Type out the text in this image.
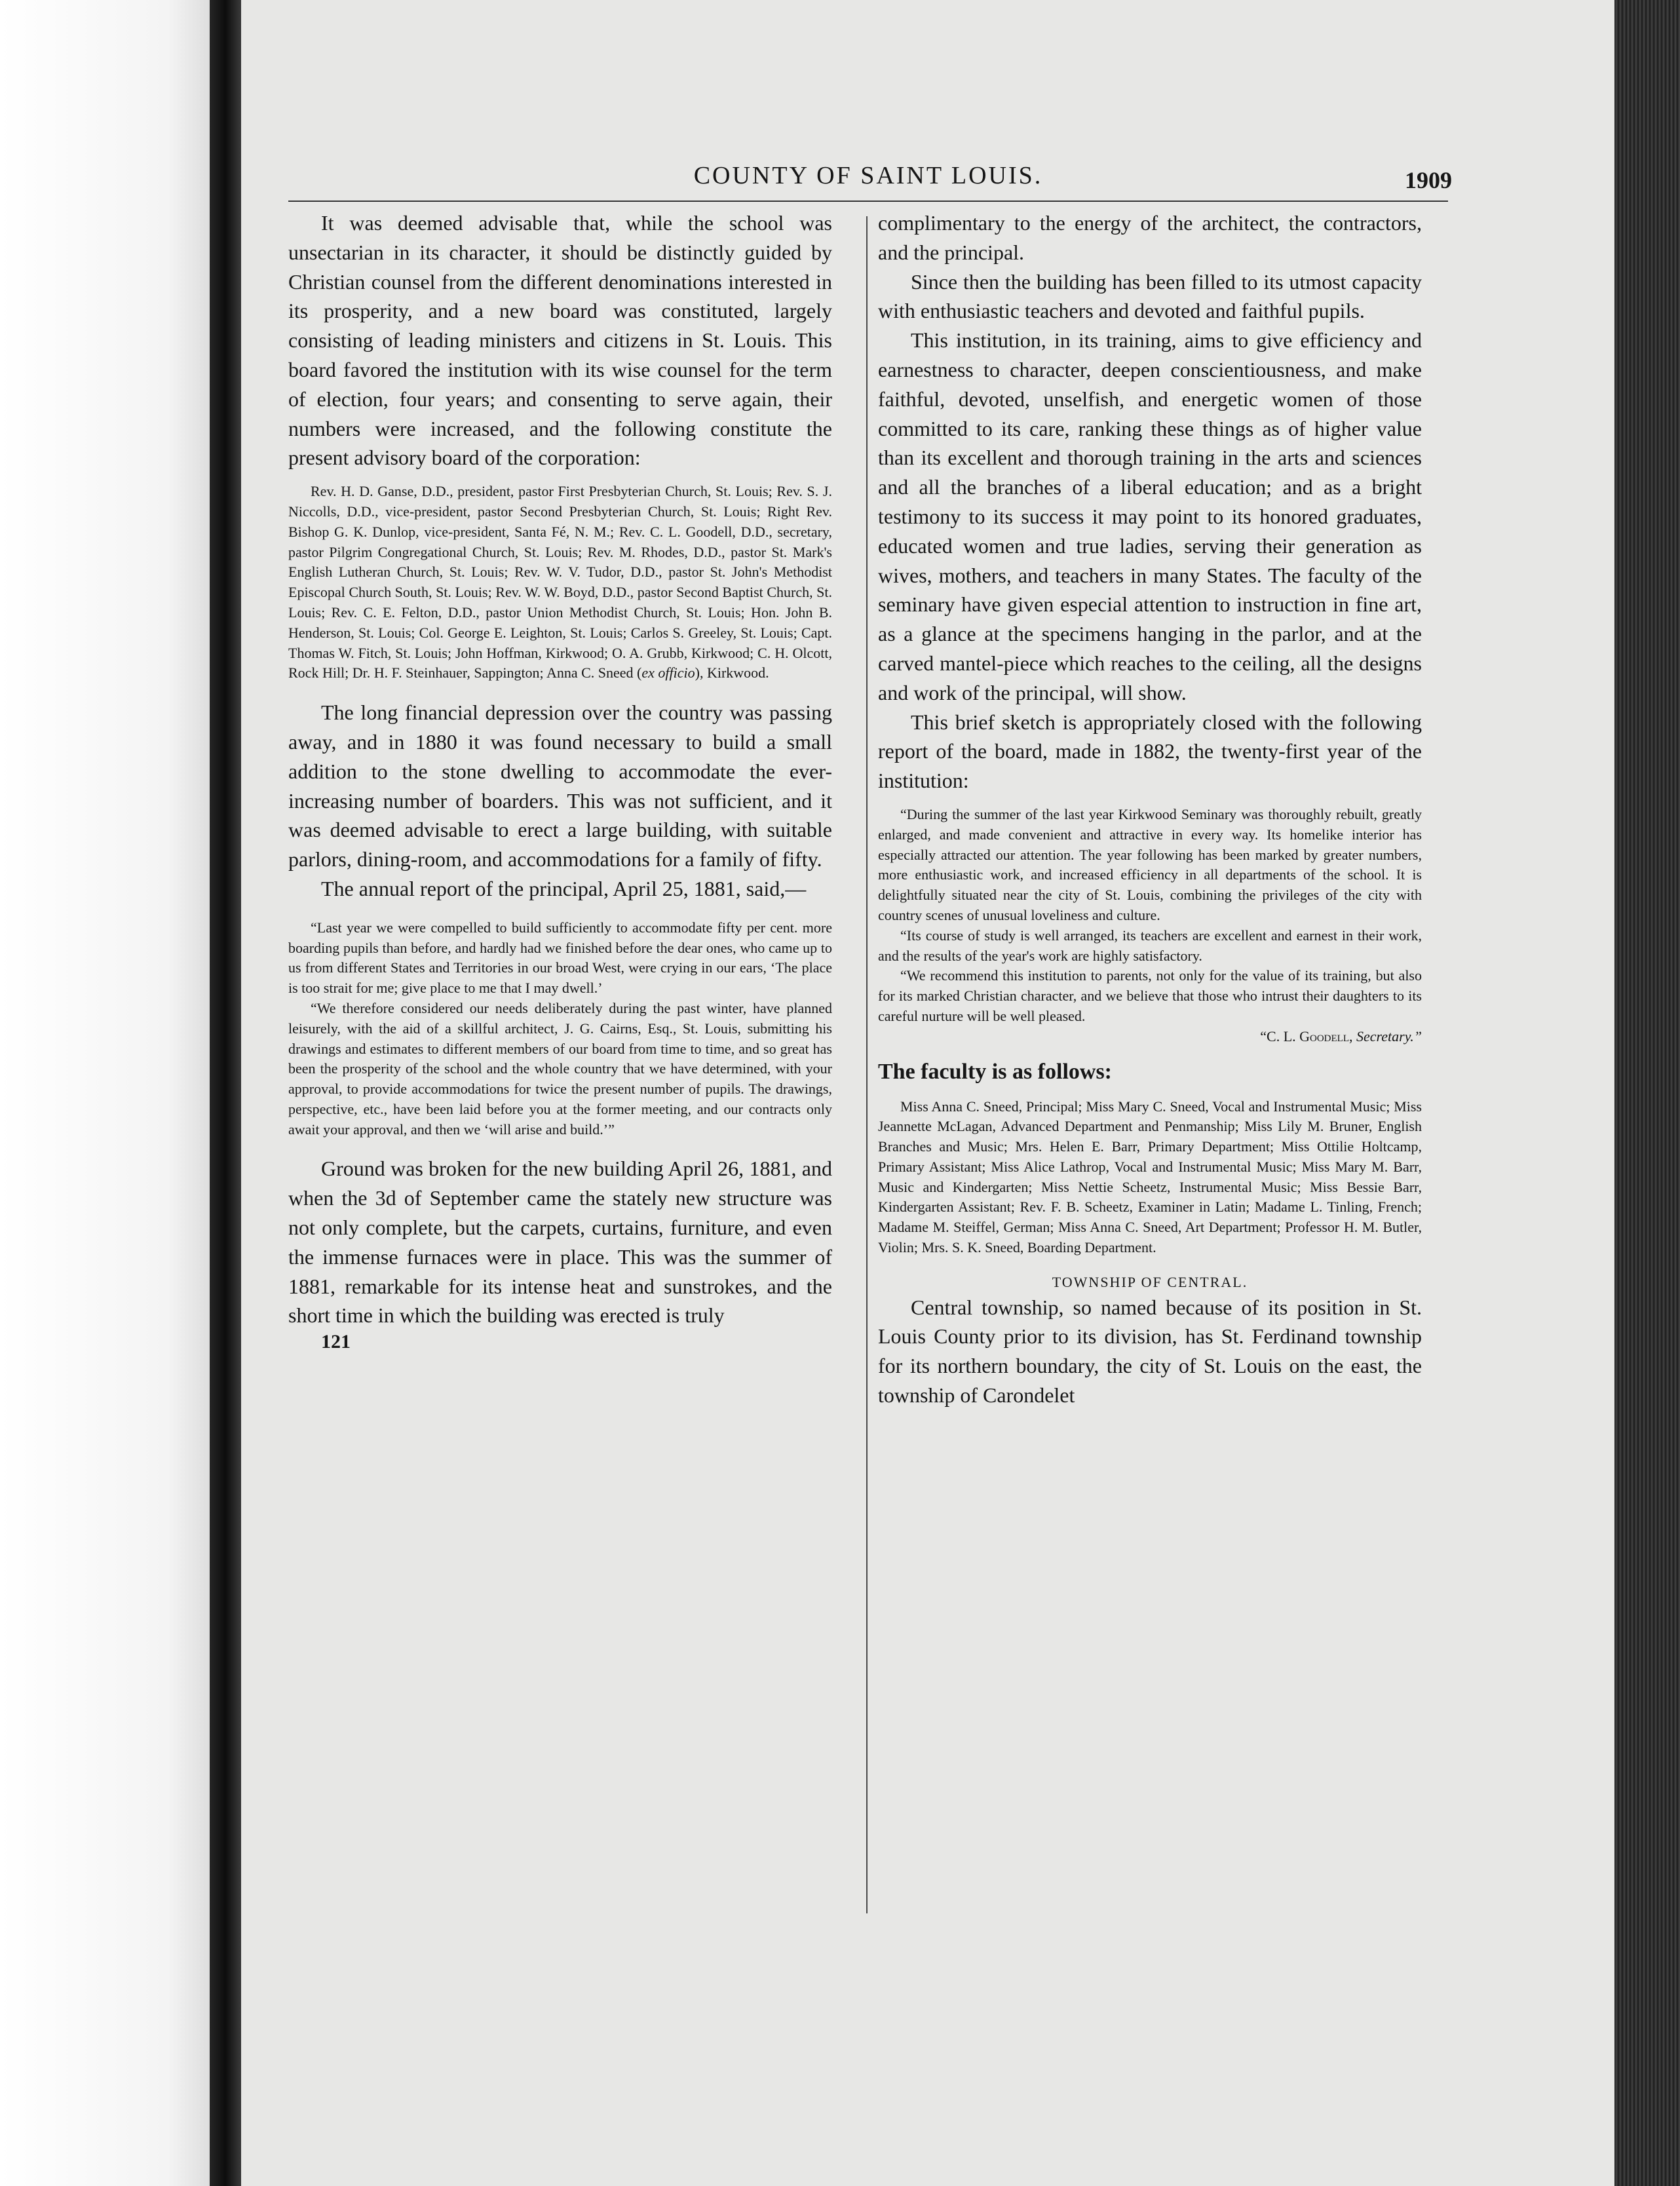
COUNTY OF SAINT LOUIS.	1909

It was deemed advisable that, while the school was unsectarian in its character, it should be distinctly guided by Christian counsel from the different denominations interested in its prosperity, and a new board was constituted, largely consisting of leading ministers and citizens in St. Louis. This board favored the institution with its wise counsel for the term of election, four years; and consenting to serve again, their numbers were increased, and the following constitute the present advisory board of the corporation:

Rev. H. D. Ganse, D.D., president, pastor First Presbyterian Church, St. Louis; Rev. S. J. Niccolls, D.D., vice-president, pastor Second Presbyterian Church, St. Louis; Right Rev. Bishop G. K. Dunlop, vice-president, Santa Fé, N. M.; Rev. C. L. Goodell, D.D., secretary, pastor Pilgrim Congregational Church, St. Louis; Rev. M. Rhodes, D.D., pastor St. Mark's English Lutheran Church, St. Louis; Rev. W. V. Tudor, D.D., pastor St. John's Methodist Episcopal Church South, St. Louis; Rev. W. W. Boyd, D.D., pastor Second Baptist Church, St. Louis; Rev. C. E. Felton, D.D., pastor Union Methodist Church, St. Louis; Hon. John B. Henderson, St. Louis; Col. George E. Leighton, St. Louis; Carlos S. Greeley, St. Louis; Capt. Thomas W. Fitch, St. Louis; John Hoffman, Kirkwood; O. A. Grubb, Kirkwood; C. H. Olcott, Rock Hill; Dr. H. F. Steinhauer, Sappington; Anna C. Sneed (ex officio), Kirkwood.

The long financial depression over the country was passing away, and in 1880 it was found necessary to build a small addition to the stone dwelling to accommodate the ever-increasing number of boarders. This was not sufficient, and it was deemed advisable to erect a large building, with suitable parlors, dining-room, and accommodations for a family of fifty.

The annual report of the principal, April 25, 1881, said,—

“Last year we were compelled to build sufficiently to accommodate fifty per cent. more boarding pupils than before, and hardly had we finished before the dear ones, who came up to us from different States and Territories in our broad West, were crying in our ears, ‘The place is too strait for me; give place to me that I may dwell.’

“We therefore considered our needs deliberately during the past winter, have planned leisurely, with the aid of a skillful architect, J. G. Cairns, Esq., St. Louis, submitting his drawings and estimates to different members of our board from time to time, and so great has been the prosperity of the school and the whole country that we have determined, with your approval, to provide accommodations for twice the present number of pupils. The drawings, perspective, etc., have been laid before you at the former meeting, and our contracts only await your approval, and then we ‘will arise and build.’”

Ground was broken for the new building April 26, 1881, and when the 3d of September came the stately new structure was not only complete, but the carpets, curtains, furniture, and even the immense furnaces were in place. This was the summer of 1881, remarkable for its intense heat and sunstrokes, and the short time in which the building was erected is truly

121

complimentary to the energy of the architect, the contractors, and the principal.

Since then the building has been filled to its utmost capacity with enthusiastic teachers and devoted and faithful pupils.

This institution, in its training, aims to give efficiency and earnestness to character, deepen conscientiousness, and make faithful, devoted, unselfish, and energetic women of those committed to its care, ranking these things as of higher value than its excellent and thorough training in the arts and sciences and all the branches of a liberal education; and as a bright testimony to its success it may point to its honored graduates, educated women and true ladies, serving their generation as wives, mothers, and teachers in many States. The faculty of the seminary have given especial attention to instruction in fine art, as a glance at the specimens hanging in the parlor, and at the carved mantel-piece which reaches to the ceiling, all the designs and work of the principal, will show.

This brief sketch is appropriately closed with the following report of the board, made in 1882, the twenty-first year of the institution:

“During the summer of the last year Kirkwood Seminary was thoroughly rebuilt, greatly enlarged, and made convenient and attractive in every way. Its homelike interior has especially attracted our attention. The year following has been marked by greater numbers, more enthusiastic work, and increased efficiency in all departments of the school. It is delightfully situated near the city of St. Louis, combining the privileges of the city with country scenes of unusual loveliness and culture.

“Its course of study is well arranged, its teachers are excellent and earnest in their work, and the results of the year's work are highly satisfactory.

“We recommend this institution to parents, not only for the value of its training, but also for its marked Christian character, and we believe that those who intrust their daughters to its careful nurture will be well pleased.

“C. L. Goodell, Secretary.”

The faculty is as follows:

Miss Anna C. Sneed, Principal; Miss Mary C. Sneed, Vocal and Instrumental Music; Miss Jeannette McLagan, Advanced Department and Penmanship; Miss Lily M. Bruner, English Branches and Music; Mrs. Helen E. Barr, Primary Department; Miss Ottilie Holtcamp, Primary Assistant; Miss Alice Lathrop, Vocal and Instrumental Music; Miss Mary M. Barr, Music and Kindergarten; Miss Nettie Scheetz, Instrumental Music; Miss Bessie Barr, Kindergarten Assistant; Rev. F. B. Scheetz, Examiner in Latin; Madame L. Tinling, French; Madame M. Steiffel, German; Miss Anna C. Sneed, Art Department; Professor H. M. Butler, Violin; Mrs. S. K. Sneed, Boarding Department.

TOWNSHIP OF CENTRAL.

Central township, so named because of its position in St. Louis County prior to its division, has St. Ferdinand township for its northern boundary, the city of St. Louis on the east, the township of Carondelet
